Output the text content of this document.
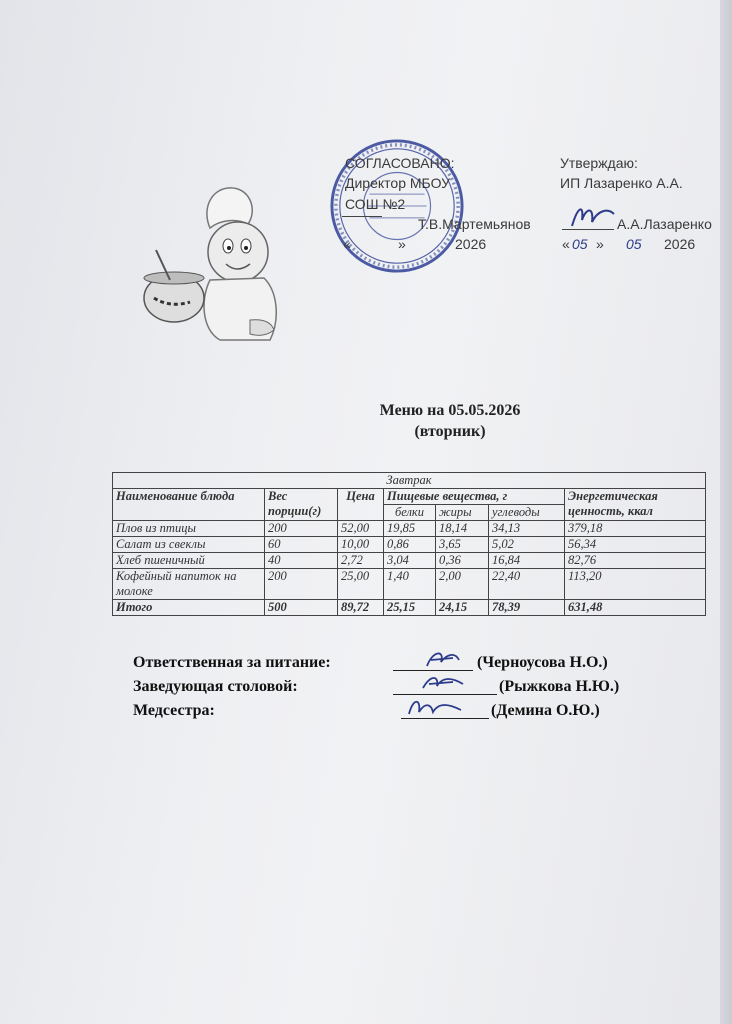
СОГЛАСОВАНО:
Директор МБОУ
СОШ №2
Т.В.Мартемьянов
«	»	2026
Утверждаю:
ИП Лазаренко А.А.
А.А.Лазаренко
« 05 » 05 2026
Меню на 05.05.2026
(вторник)
Завтрак						
Наименование блюда	Вес порции(г)	Цена	Пищевые вещества, г			Энергетическая ценность, ккал
			белки	жиры	углеводы	
Плов из птицы	200	52,00	19,85	18,14	34,13	379,18
Салат из свеклы	60	10,00	0,86	3,65	5,02	56,34
Хлеб пшеничный	40	2,72	3,04	0,36	16,84	82,76
Кофейный напиток на молоке	200	25,00	1,40	2,00	22,40	113,20
Итого	500	89,72	25,15	24,15	78,39	631,48
Ответственная за питание:	(Черноусова Н.О.)
Заведующая столовой:	(Рыжкова Н.Ю.)
Медсестра:	(Демина О.Ю.)
